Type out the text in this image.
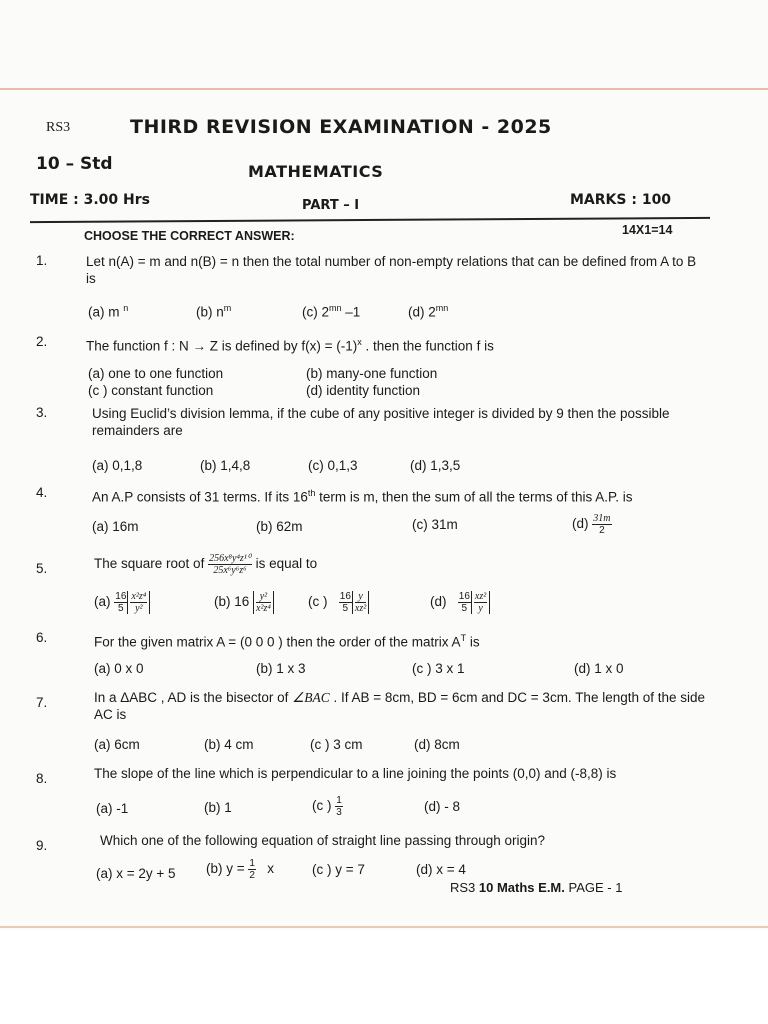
RS3	THIRD REVISION EXAMINATION - 2025
10 – Std	MATHEMATICS
TIME : 3.00 Hrs	PART – I	MARKS : 100
CHOOSE THE CORRECT ANSWER:	14X1=14
1.	Let n(A) = m and n(B) = n then the total number of non-empty relations that can be defined from A to B is
(a) m $^n$	(b) $n^m$	(c) $2^{mn}$ –1	(d) $2^{mn}$
2.	The function f : N → Z is defined by $f(x) = (-1)^x$ . then the function f is
(a) one to one function	(b) many-one function
(c ) constant function	(d) identity function
3.	Using Euclid’s division lemma, if the cube of any positive integer is divided by 9 then the possible remainders are
(a) 0,1,8	(b) 1,4,8	(c) 0,1,3	(d) 1,3,5
4.	An A.P consists of 31 terms. If its 16th term is m, then the sum of all the terms of this A.P. is
(a) 16m	(b) 62m	(c) 31m	$(d) \frac{31m}{2}$
5.	The square root of $\frac{\text{256x⁸y⁴z¹⁰}}{\text{25x⁶y⁶z⁶}}$ is equal to
$(a) \frac{16}{5} \frac{\text{x²z⁴}}{\text{y²}}$	(b) $16 \frac{\text{y²}}{\text{x²z⁴}}$	(c ) $\frac{16}{5} \frac{y}{\text{xz²}}$	$(d) \frac{16}{5} \frac{\text{xz²}}{y}$
6.	For the given matrix A = (0 0 0 ) then the order of the matrix $A^T$ is
(a) 0 x 0	(b) 1 x 3	(c ) 3 x 1	(d) 1 x 0
7.	In a ΔABC , AD is the bisector of ∠BAC . If AB = 8cm, BD = 6cm and DC = 3cm. The length of the side AC is
(a) 6cm	(b) 4 cm	(c ) 3 cm	(d) 8cm
8.	The slope of the line which is perpendicular to a line joining the points (0,0) and (-8,8) is
(a) -1	(b) 1	(c ) $\frac{1}{3}$	(d) - 8
9.	Which one of the following equation of straight line passing through origin?
(a) x = 2y + 5 (b) $y = \frac{1}{2}$ x	(c ) y = 7	(d) x = 4
RS3 10 Maths E.M. PAGE - 1
